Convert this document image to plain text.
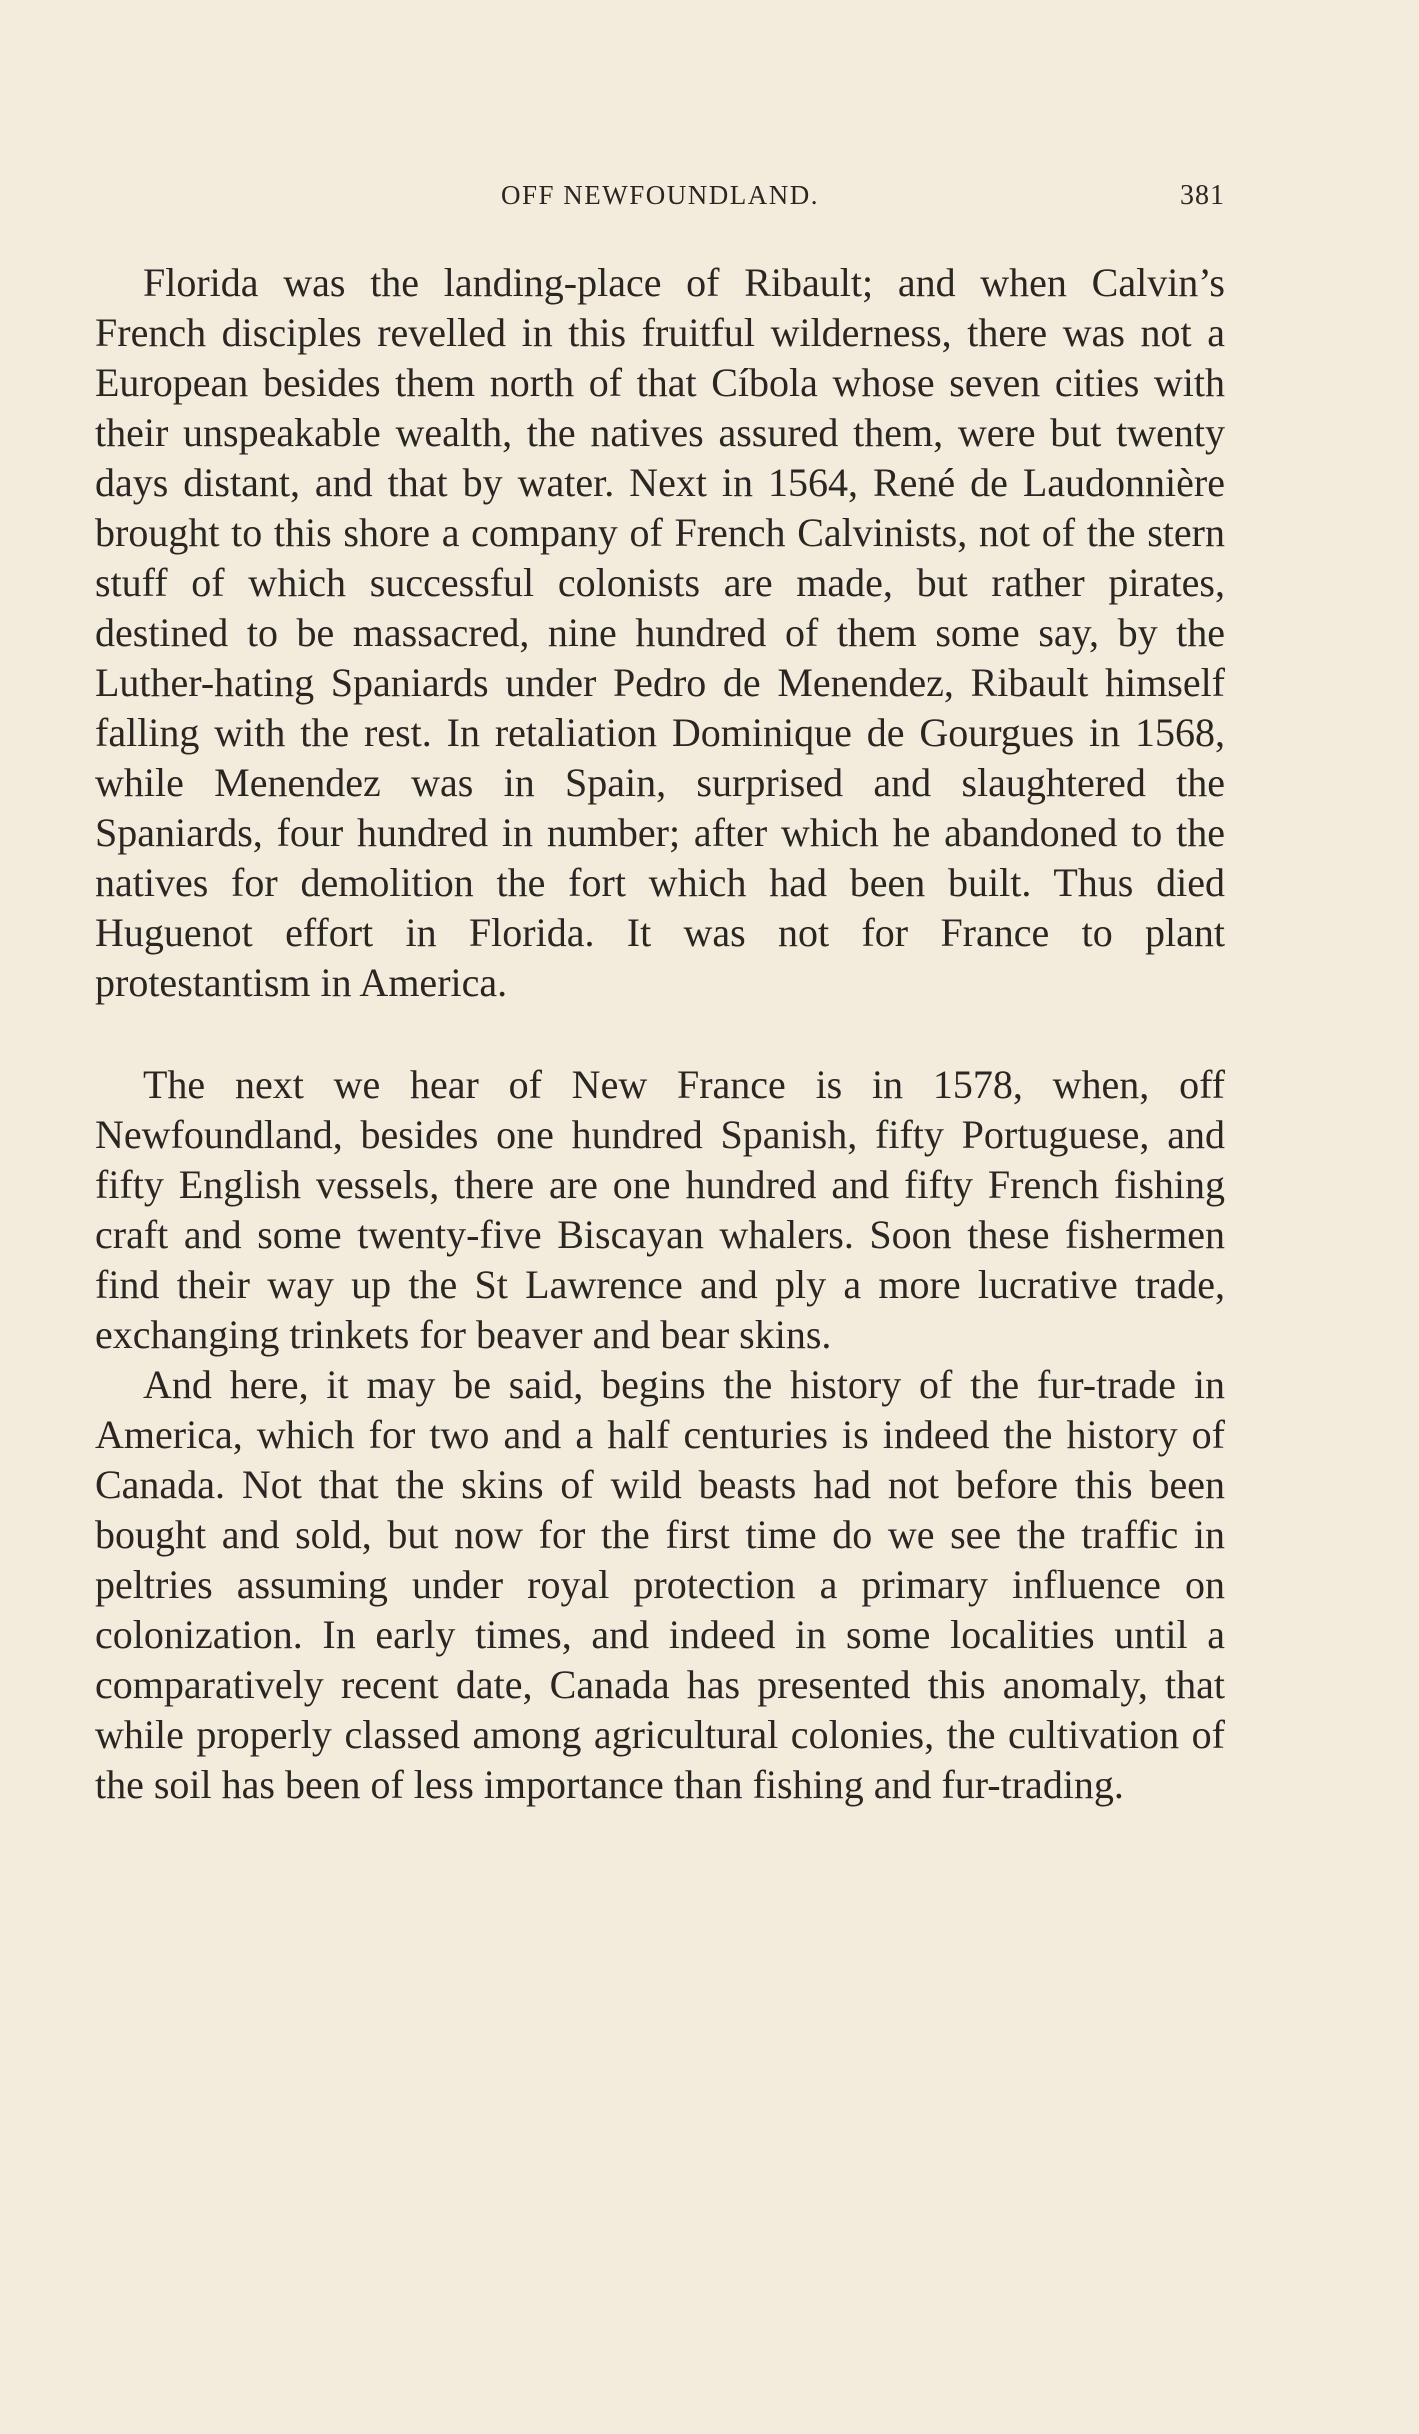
OFF NEWFOUNDLAND.	381

Florida was the landing-place of Ribault; and when Calvin’s French disciples revelled in this fruitful wilderness, there was not a European besides them north of that Cíbola whose seven cities with their unspeakable wealth, the natives assured them, were but twenty days distant, and that by water. Next in 1564, René de Laudonnière brought to this shore a company of French Calvinists, not of the stern stuff of which successful colonists are made, but rather pirates, destined to be massacred, nine hundred of them some say, by the Luther-hating Spaniards under Pedro de Menendez, Ribault himself falling with the rest. In retaliation Dominique de Gourgues in 1568, while Menendez was in Spain, surprised and slaughtered the Spaniards, four hundred in number; after which he abandoned to the natives for demolition the fort which had been built. Thus died Huguenot effort in Florida. It was not for France to plant protestantism in America.

The next we hear of New France is in 1578, when, off Newfoundland, besides one hundred Spanish, fifty Portuguese, and fifty English vessels, there are one hundred and fifty French fishing craft and some twenty-five Biscayan whalers. Soon these fishermen find their way up the St Lawrence and ply a more lucrative trade, exchanging trinkets for beaver and bear skins.

And here, it may be said, begins the history of the fur-trade in America, which for two and a half centuries is indeed the history of Canada. Not that the skins of wild beasts had not before this been bought and sold, but now for the first time do we see the traffic in peltries assuming under royal protection a primary influence on colonization. In early times, and indeed in some localities until a comparatively recent date, Canada has presented this anomaly, that while properly classed among agricultural colonies, the cultivation of the soil has been of less importance than fishing and fur-trading.
